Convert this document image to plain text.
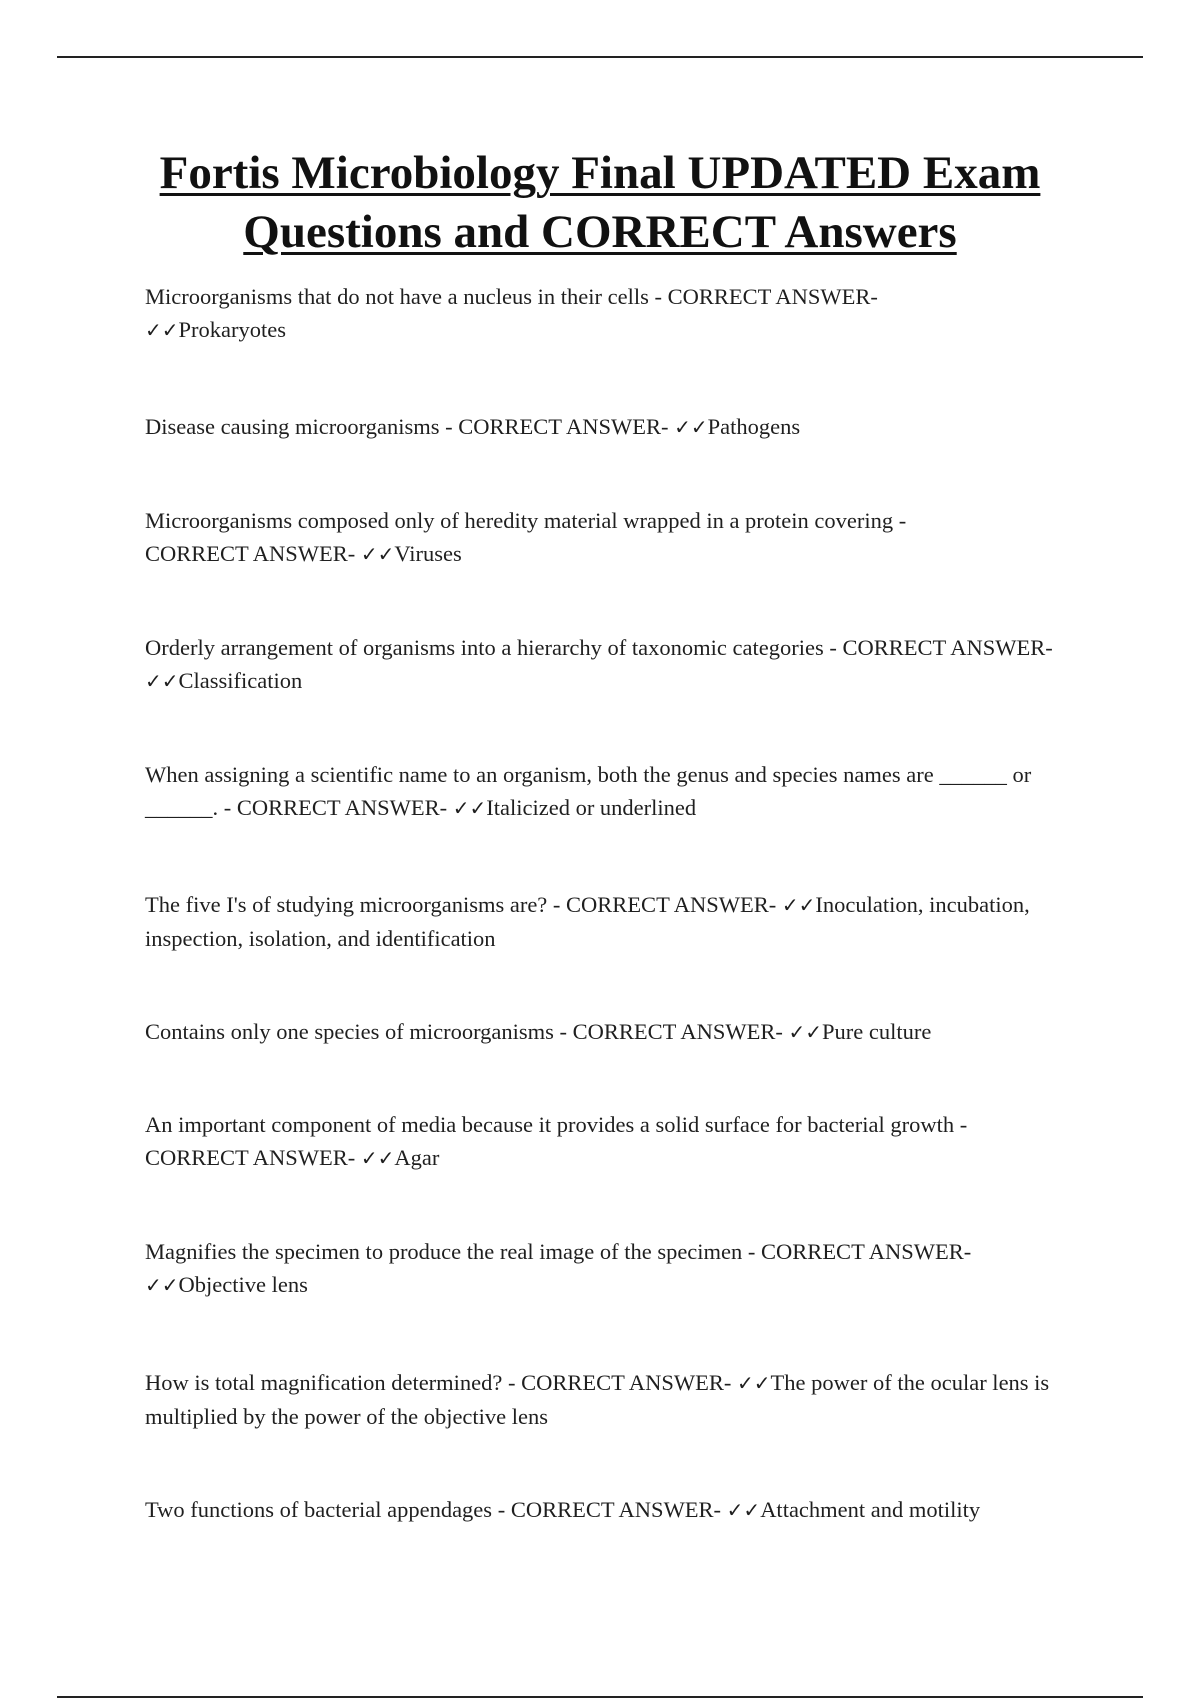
Fortis Microbiology Final UPDATED Exam Questions and CORRECT Answers

Microorganisms that do not have a nucleus in their cells - CORRECT ANSWER-
✓✓Prokaryotes

Disease causing microorganisms - CORRECT ANSWER- ✓✓Pathogens

Microorganisms composed only of heredity material wrapped in a protein covering -
CORRECT ANSWER- ✓✓Viruses

Orderly arrangement of organisms into a hierarchy of taxonomic categories - CORRECT ANSWER- ✓✓Classification

When assigning a scientific name to an organism, both the genus and species names are ______ or ______. - CORRECT ANSWER- ✓✓Italicized or underlined

The five I's of studying microorganisms are? - CORRECT ANSWER- ✓✓Inoculation, incubation, inspection, isolation, and identification

Contains only one species of microorganisms - CORRECT ANSWER- ✓✓Pure culture

An important component of media because it provides a solid surface for bacterial growth -
CORRECT ANSWER- ✓✓Agar

Magnifies the specimen to produce the real image of the specimen - CORRECT ANSWER-
✓✓Objective lens

How is total magnification determined? - CORRECT ANSWER- ✓✓The power of the ocular lens is multiplied by the power of the objective lens

Two functions of bacterial appendages - CORRECT ANSWER- ✓✓Attachment and motility
